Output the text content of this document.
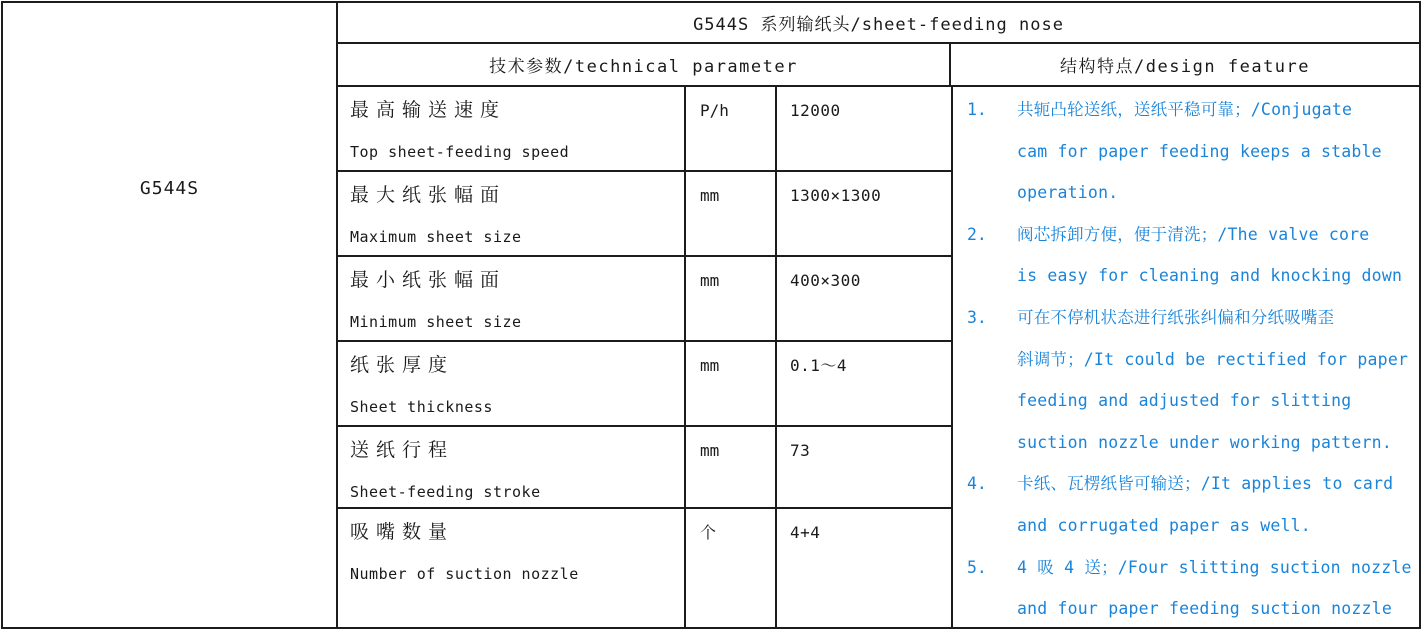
G544S
G544S 系列输纸头/sheet-feeding nose
技术参数/technical parameter	结构特点/design feature
最高输送速度
Top sheet-feeding speed
P/h	12000
最大纸张幅面
Maximum sheet size
mm	1300×1300
最小纸张幅面
Minimum sheet size
mm	400×300
纸张厚度
Sheet thickness
mm	0.1～4
送纸行程
Sheet-feeding stroke
mm	73
吸嘴数量
Number of suction nozzle
个	4+4
1.	共轭凸轮送纸，送纸平稳可靠；/Conjugate
cam for paper feeding keeps a stable
operation.
2.	阀芯拆卸方便，便于清洗；/The valve core
is easy for cleaning and knocking down
3.	可在不停机状态进行纸张纠偏和分纸吸嘴歪
斜调节；/It could be rectified for paper
feeding and adjusted for slitting
suction nozzle under working pattern.
4.	卡纸、瓦楞纸皆可输送；/It applies to card
and corrugated paper as well.
5.	4 吸 4 送；/Four slitting suction nozzle
and four paper feeding suction nozzle
